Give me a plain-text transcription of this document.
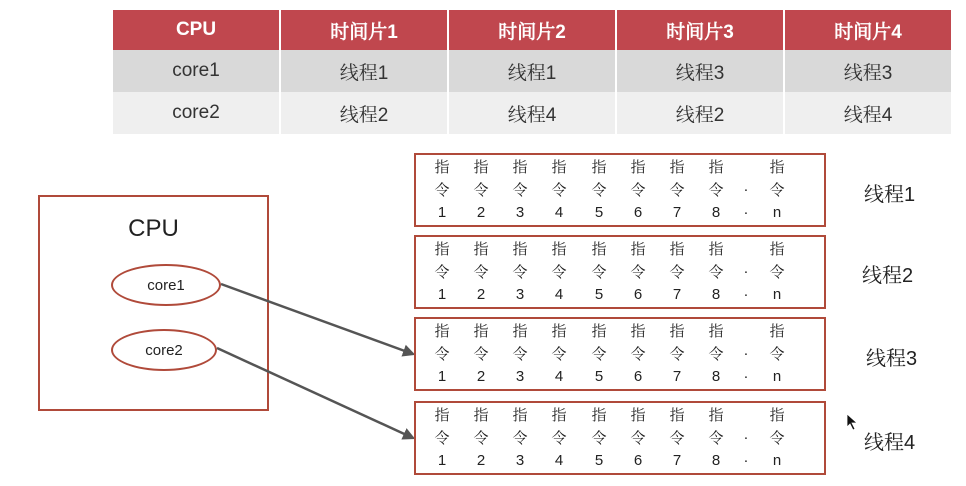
CPU	时间片1	时间片2	时间片3	时间片4
core1	线程1	线程1	线程3	线程3
core2	线程2	线程4	线程2	线程4
CPU
core1
core2
指
令
1
指
令
2
指
令
3
指
令
4
指
令
5
指
令
6
指
令
7
指
令
8

.
.
指
令
n
线程1
指
令
1
指
令
2
指
令
3
指
令
4
指
令
5
指
令
6
指
令
7
指
令
8

.
.
指
令
n
线程2
指
令
1
指
令
2
指
令
3
指
令
4
指
令
5
指
令
6
指
令
7
指
令
8

.
.
指
令
n
线程3
指
令
1
指
令
2
指
令
3
指
令
4
指
令
5
指
令
6
指
令
7
指
令
8

.
.
指
令
n
线程4
